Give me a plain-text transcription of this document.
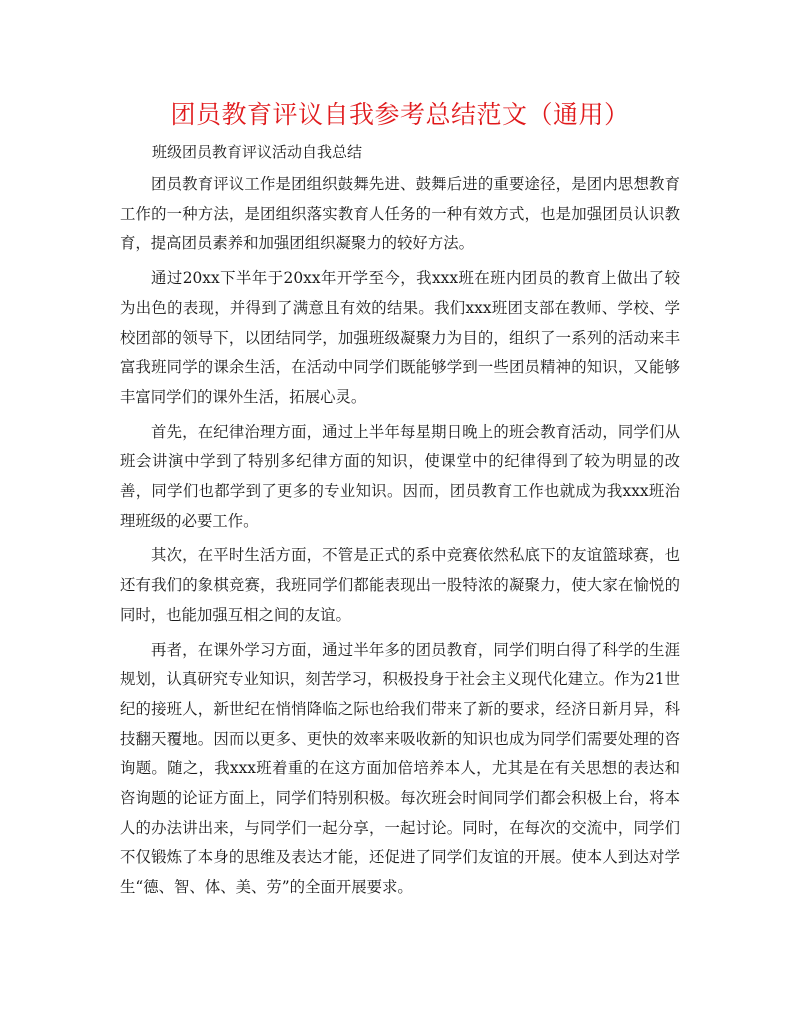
团员教育评议自我参考总结范文（通用）

班级团员教育评议活动自我总结

团员教育评议工作是团组织鼓舞先进、鼓舞后进的重要途径，是团内思想教育工作的一种方法，是团组织落实教育人任务的一种有效方式，也是加强团员认识教育，提高团员素养和加强团组织凝聚力的较好方法。

通过20xx下半年于20xx年开学至今，我xxx班在班内团员的教育上做出了较为出色的表现，并得到了满意且有效的结果。我们xxx班团支部在教师、学校、学校团部的领导下，以团结同学，加强班级凝聚力为目的，组织了一系列的活动来丰富我班同学的课余生活，在活动中同学们既能够学到一些团员精神的知识，又能够丰富同学们的课外生活，拓展心灵。

首先，在纪律治理方面，通过上半年每星期日晚上的班会教育活动，同学们从班会讲演中学到了特别多纪律方面的知识，使课堂中的纪律得到了较为明显的改善，同学们也都学到了更多的专业知识。因而，团员教育工作也就成为我xxx班治理班级的必要工作。

其次，在平时生活方面，不管是正式的系中竞赛依然私底下的友谊篮球赛，也还有我们的象棋竞赛，我班同学们都能表现出一股特浓的凝聚力，使大家在愉悦的同时，也能加强互相之间的友谊。

再者，在课外学习方面，通过半年多的团员教育，同学们明白得了科学的生涯规划，认真研究专业知识，刻苦学习，积极投身于社会主义现代化建立。作为21世纪的接班人，新世纪在悄悄降临之际也给我们带来了新的要求，经济日新月异，科技翻天覆地。因而以更多、更快的效率来吸收新的知识也成为同学们需要处理的咨询题。随之，我xxx班着重的在这方面加倍培养本人，尤其是在有关思想的表达和咨询题的论证方面上，同学们特别积极。每次班会时间同学们都会积极上台，将本人的办法讲出来，与同学们一起分享，一起讨论。同时，在每次的交流中，同学们不仅锻炼了本身的思维及表达才能，还促进了同学们友谊的开展。使本人到达对学生“德、智、体、美、劳”的全面开展要求。
